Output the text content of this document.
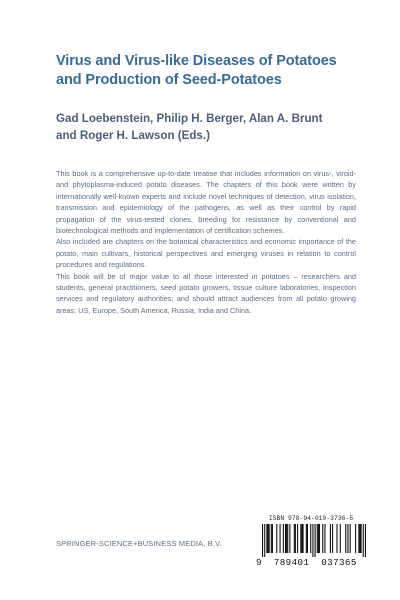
Virus and Virus-like Diseases of Potatoes
and Production of Seed-Potatoes
Gad Loebenstein, Philip H. Berger, Alan A. Brunt
and Roger H. Lawson (Eds.)

This book is a comprehensive up-to-date treatise that includes information on virus-, viroid- and phytoplasma-induced potato diseases. The chapters of this book were written by internationally well-known experts and include novel techniques of detection, virus isolation, transmission and epidemiology of the pathogens, as well as their control by rapid propagation of the virus-tested clones, breeding for resistance by conventional and biotechnological methods and implementation of certification schemes.

Also included are chapters on the botanical characteristics and economic importance of the potato, main cultivars, historical perspectives and emerging viruses in relation to control procedures and regulations.

This book will be of major value to all those interested in potatoes – researchers and students, general practitioners, seed potato growers, tissue culture laboratories, inspection services and regulatory authorities; and should attract audiences from all potato growing areas: US, Europe, South America, Russia, India and China.

ISBN 978-94-010-3736-5
9 789401 037365
SPRINGER-SCIENCE+BUSINESS MEDIA, B.V.
